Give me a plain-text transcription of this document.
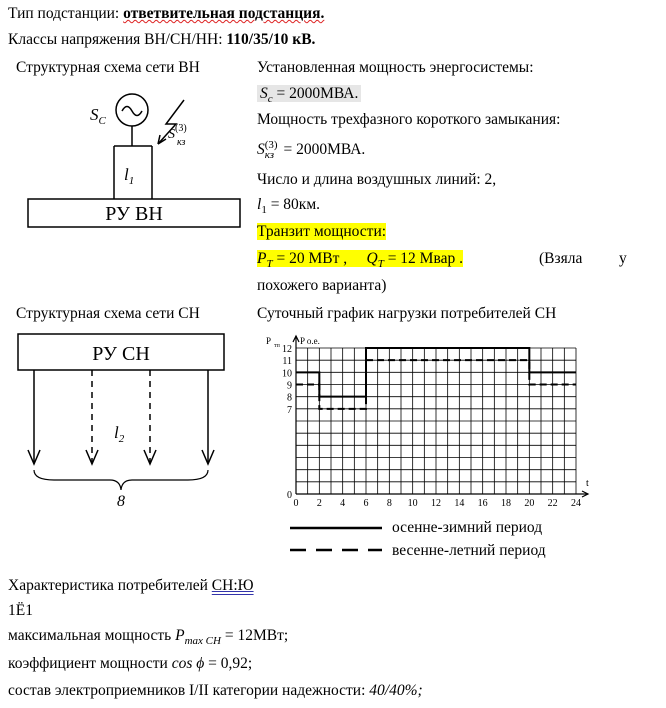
Тип подстанции: ответвительная подстанция.
Классы напряжения ВН/СН/НН: 110/35/10 кВ.
Структурная схема сети ВН
$S_C$
$l_1$
$S^{(3)}$
кз
РУ ВН
Установленная мощность энергосистемы:
$S_c = 2000МВА$.
Мощность трехфазного короткого замыкания:
S (3)
кз = 2000МВА.
Число и длина воздушных линий: 2,
$l_1 = 80км$.
Транзит мощности:
$P_T = 20$ МВт , $Q_T = 12$ Мвар .	(Взяла у
похожего варианта)
Структурная схема сети СН	Суточный график нагрузки потребителей СН
РУ СН
$l_2$
8	0 2 4 6 8 10 12 14 16 18 20 22 24
0
7
8
9
10
11
12
P тп P о.е.
t
осенне-зимний период
весенне-летний период
Характеристика потребителей СН:Ю
1Ё1
максимальная мощность $P_{max CH} = 12МВт$;
коэффициент мощности cos ϕ = 0,92;
состав электроприемников I/II категории надежности: 40/40%;
